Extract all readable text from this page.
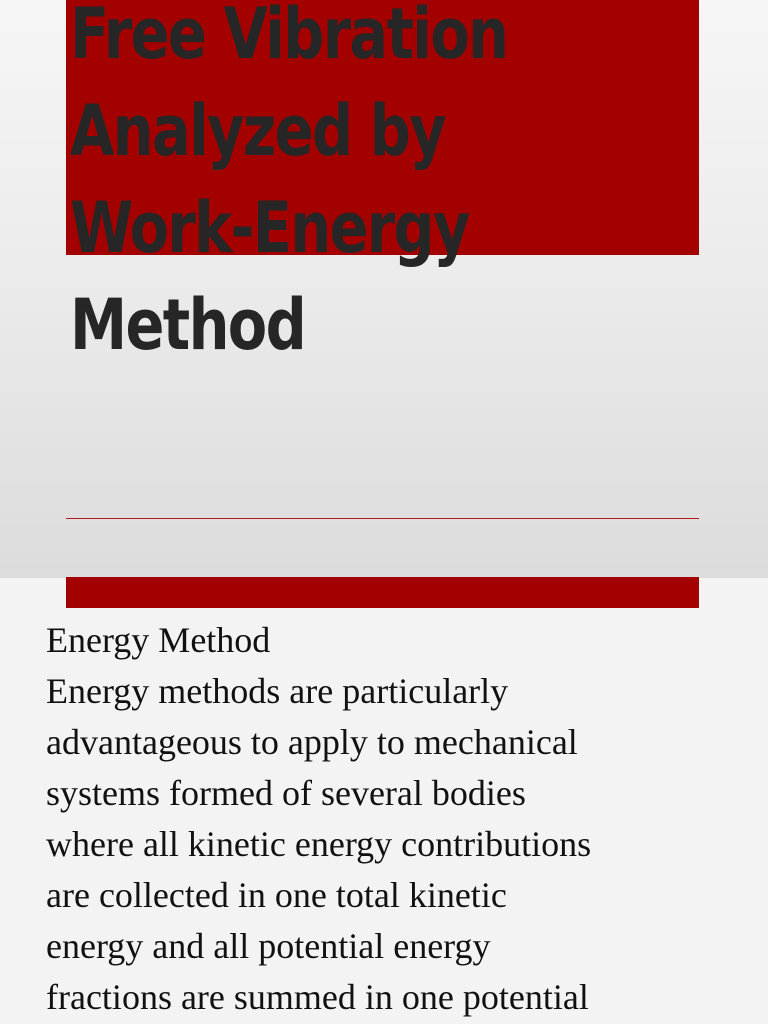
Free Vibration
Analyzed by
Work-Energy
Method
Energy Method
Energy methods are particularly
advantageous to apply to mechanical
systems formed of several bodies
where all kinetic energy contributions
are collected in one total kinetic
energy and all potential energy
fractions are summed in one potential
